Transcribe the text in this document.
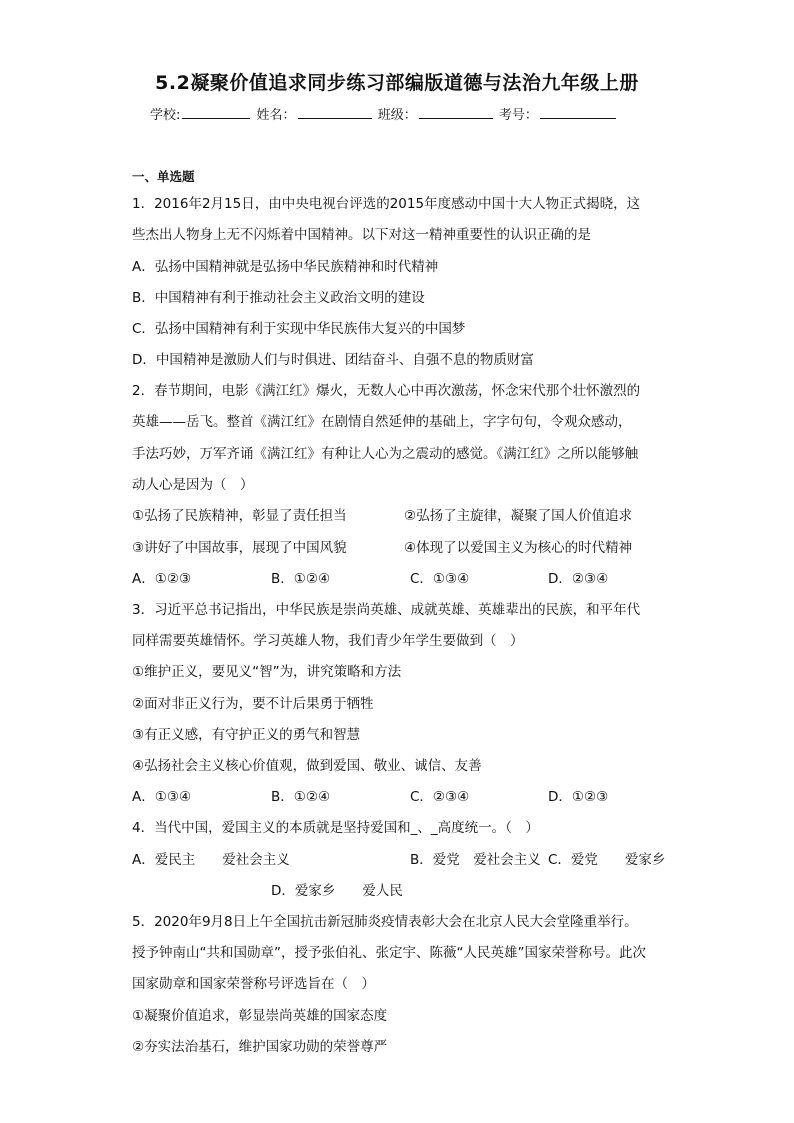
5.2凝聚价值追求同步练习部编版道德与法治九年级上册
学校:	姓名：	班级：	考号：
一、单选题
1．2016年2月15日，由中央电视台评选的2015年度感动中国十大人物正式揭晓，这
些杰出人物身上无不闪烁着中国精神。以下对这一精神重要性的认识正确的是
A．弘扬中国精神就是弘扬中华民族精神和时代精神
B．中国精神有利于推动社会主义政治文明的建设
C．弘扬中国精神有利于实现中华民族伟大复兴的中国梦
D．中国精神是激励人们与时俱进、团结奋斗、自强不息的物质财富
2．春节期间，电影《满江红》爆火，无数人心中再次激荡，怀念宋代那个壮怀激烈的
英雄——岳飞。整首《满江红》在剧情自然延伸的基础上，字字句句，令观众感动，
手法巧妙，万军齐诵《满江红》有种让人心为之震动的感觉。《满江红》之所以能够触
动人心是因为（　）
①弘扬了民族精神，彰显了责任担当	②弘扬了主旋律，凝聚了国人价值追求
③讲好了中国故事，展现了中国风貌	④体现了以爱国主义为核心的时代精神
A．①②③	B．①②④	C．①③④	D．②③④
3．习近平总书记指出，中华民族是崇尚英雄、成就英雄、英雄辈出的民族，和平年代
同样需要英雄情怀。学习英雄人物，我们青少年学生要做到（　）
①维护正义，要见义“智”为，讲究策略和方法
②面对非正义行为，要不计后果勇于牺牲
③有正义感，有守护正义的勇气和智慧
④弘扬社会主义核心价值观，做到爱国、敬业、诚信、友善
A．①③④	B．①②④	C．②③④	D．①②③
4．当代中国，爱国主义的本质就是坚持爱国和_、_高度统一。（　）
A．爱民主　　爱社会主义	B．爱党　爱社会主义 C．爱党　　爱家乡
D．爱家乡　　爱人民
5．2020年9月8日上午全国抗击新冠肺炎疫情表彰大会在北京人民大会堂隆重举行。
授予钟南山“共和国勋章”，授予张伯礼、张定宇、陈薇“人民英雄”国家荣誉称号。此次
国家勋章和国家荣誉称号评选旨在（　）
①凝聚价值追求，彰显崇尚英雄的国家态度
②夯实法治基石，维护国家功勋的荣誉尊严
